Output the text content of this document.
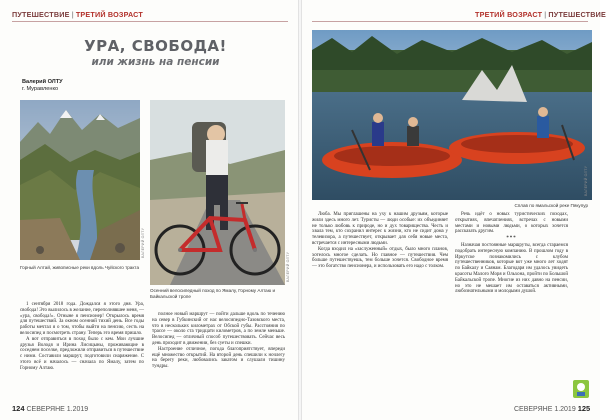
ПУТЕШЕСТВИЕ | ТРЕТИЙ ВОЗРАСТ
УРА, СВОБОДА!
или жизнь на пенсии
Валерий ОЛТУ
г. Муравленко
ВАЛЕРИЙ ОЛТУ
Горный Алтай, живописные реки вдоль Чуйского тракта	ВАЛЕРИЙ ОЛТУ
Осенний велосипедный поход по Ямалу, Горному Алтаю и Байкальской тропе

1 сентября 2018 года. Дождался я этого дня. Ура, свобода! Это вылилось в желание, переполнявшее меня, — «ура, свобода!». Отныне я пенсионер! Открылось время для путешествий. За окном осенний тихий день. Все годы работы мечтал я о том, чтобы выйти на пенсию, сесть на велосипед и посмотреть страну. Теперь это время пришло.

А вот отправиться в поход было с кем. Мои лучшие друзья Володя и Ирина Лисицыны, проживающие в соседнем поселке, предложили отправиться в путешествие с ними. Составили маршрут, подготовили снаряжение. С этого всё и началось — сначала по Ямалу, затем по Горному Алтаю.

полное новый маршрут — пойти дальше вдоль по течению на север в Губкинский от нас велосипедно-Тазовского места, что в нескольких километрах от Обской губы. Расстояния по трассе — около ста тридцати километров, а по земле меньше. Велосипед — отличный способ путешествовать. Сейчас весь день проходит в движении, без суеты и спешки.

Настроение отличное, погода благоприятствует, впереди ещё множество открытий. На второй день спешили к ночлегу на берегу реки, любовались закатом и слушали тишину тундры.

124 СЕВЕРЯНЕ 1.2019
ТРЕТИЙ ВОЗРАСТ | ПУТЕШЕСТВИЕ
ВАЛЕРИЙ ОЛТУ
Сплав по ямальской реке Пякупур

Люба. Мы приглашены на уху к нашим друзьям, которые жили здесь много лет. Туристы — люди особые: их объединяет не только любовь к природе, но и дух товарищества. Честь и хвала тем, кто сохранил интерес к жизни, кто не сидит дома у телевизора, а путешествует, открывает для себя новые места, встречается с интересными людьми.

Когда входил на «заслуженный» отдых, было много планов, хотелось многое сделать. Но главное — путешествия. Чем больше путешествуешь, тем больше хочется. Свободное время — это богатство пенсионера, и использовать его надо с толком.

Речь идёт о новых туристических походах, открытиях, впечатлениях, встречах с новыми местами и новыми людьми, о которых хочется рассказать другим.

***

Назначая постоянные маршруты, всегда стараемся подобрать интересную компанию. В прошлом году в Иркутске познакомились с клубом путешественников, которые вот уже много лет ходят по Байкалу и Саянам. Благодаря им удалось увидеть красоты Малого Моря и Ольхона, пройти по Большой Байкальской тропе. Многие из них давно на пенсии, но это не мешает им оставаться активными, любознательными и молодыми душой.

СЕВЕРЯНЕ 1.2019 125
